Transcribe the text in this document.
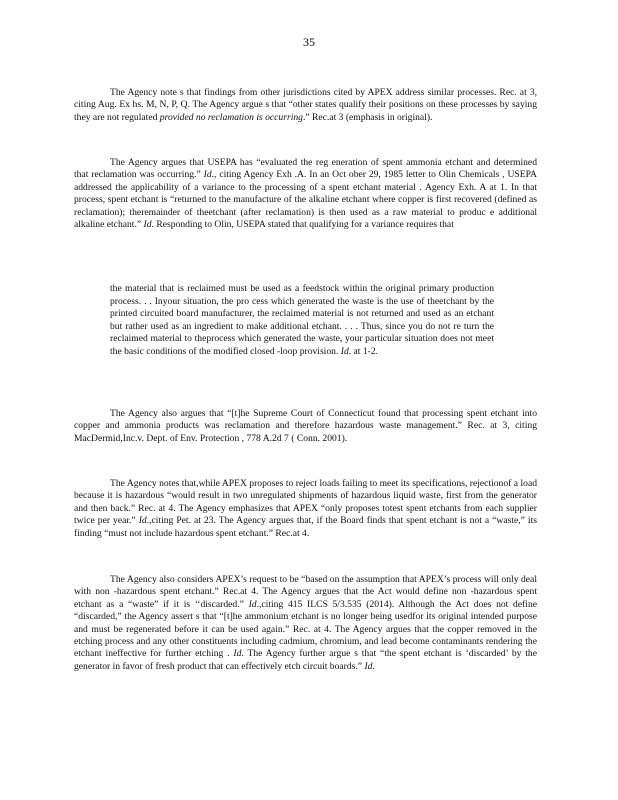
35

The Agency note s that findings from other jurisdictions cited by APEX address similar processes. Rec. at 3, citing Aug. Ex hs. M, N, P, Q. The Agency argue s that “other states qualify their positions on these processes by saying they are not regulated provided no reclamation is occurring.” Rec.at 3 (emphasis in original).

The Agency argues that USEPA has “evaluated the reg eneration of spent ammonia etchant and determined that reclamation was occurring.” Id., citing Agency Exh .A. In an Oct ober 29, 1985 letter to Olin Chemicals , USEPA addressed the applicability of a variance to the processing of a spent etchant material . Agency Exh. A at 1. In that process, spent etchant is “returned to the manufacture of the alkaline etchant where copper is first recovered (defined as reclamation); theremainder of theetchant (after reclamation) is then used as a raw material to produc e additional alkaline etchant.” Id. Responding to Olin, USEPA stated that qualifying for a variance requires that

the material that is reclaimed must be used as a feedstock within the original primary production process. . . Inyour situation, the pro cess which generated the waste is the use of theetchant by the printed circuited board manufacturer, the reclaimed material is not returned and used as an etchant but rather used as an ingredient to make additional etchant. . . . Thus, since you do not re turn the reclaimed material to theprocess which generated the waste, your particular situation does not meet the basic conditions of the modified closed -loop provision. Id. at 1-2.

The Agency also argues that “[t]he Supreme Court of Connecticut found that processing spent etchant into copper and ammonia products was reclamation and therefore hazardous waste management.” Rec. at 3, citing MacDermid,Inc.v. Dept. of Env. Protection , 778 A.2d 7 ( Conn. 2001).

The Agency notes that,while APEX proposes to reject loads failing to meet its specifications, rejectionof a load because it is hazardous “would result in two unregulated shipments of hazardous liquid waste, first from the generator and then back.” Rec. at 4. The Agency emphasizes that APEX “only proposes totest spent etchants from each supplier twice per year.” Id.,citing Pet. at 23. The Agency argues that, if the Board finds that spent etchant is not a “waste,” its finding “must not include hazardous spent etchant.” Rec.at 4.

The Agency also considers APEX’s request to be “based on the assumption that APEX’s process will only deal with non -hazardous spent etchant.” Rec.at 4. The Agency argues that the Act would define non -hazardous spent etchant as a “waste” if it is ‘‘discarded.” Id.,citing 415 ILCS 5/3.535 (2014). Although the Act does not define “discarded,” the Agency assert s that “[t]he ammonium etchant is no longer being usedfor its original intended purpose and must be regenerated before it can be used again.” Rec. at 4. The Agency argues that the copper removed in the etching process and any other constituents including cadmium, chromium, and lead become contaminants rendering the etchant ineffective for further etching . Id. The Agency further argue s that “the spent etchant is ‘discarded’ by the generator in favor of fresh product that can effectively etch circuit boards.” Id.
